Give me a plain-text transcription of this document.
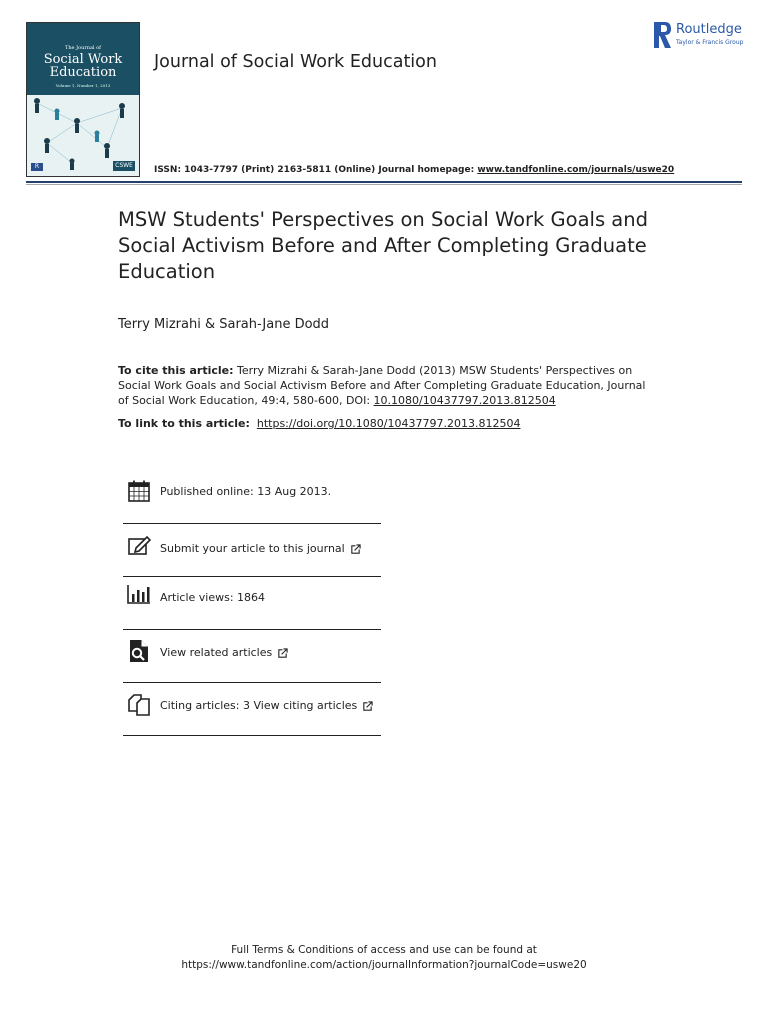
The Journal of
Social Work
Education
Volume 1, Number 1, 2013
R	CSWE
Journal of Social Work Education
Routledge
Taylor & Francis Group
ISSN: 1043-7797 (Print) 2163-5811 (Online) Journal homepage: www.tandfonline.com/journals/uswe20
MSW Students' Perspectives on Social Work Goals and Social Activism Before and After Completing Graduate Education
Terry Mizrahi & Sarah-Jane Dodd
To cite this article: Terry Mizrahi & Sarah-Jane Dodd (2013) MSW Students' Perspectives on Social Work Goals and Social Activism Before and After Completing Graduate Education, Journal of Social Work Education, 49:4, 580-600, DOI: 10.1080/10437797.2013.812504
To link to this article: https://doi.org/10.1080/10437797.2013.812504
Published online: 13 Aug 2013.
Submit your article to this journal
Article views: 1864
View related articles
Citing articles: 3 View citing articles
Full Terms & Conditions of access and use can be found at
https://www.tandfonline.com/action/journalInformation?journalCode=uswe20
